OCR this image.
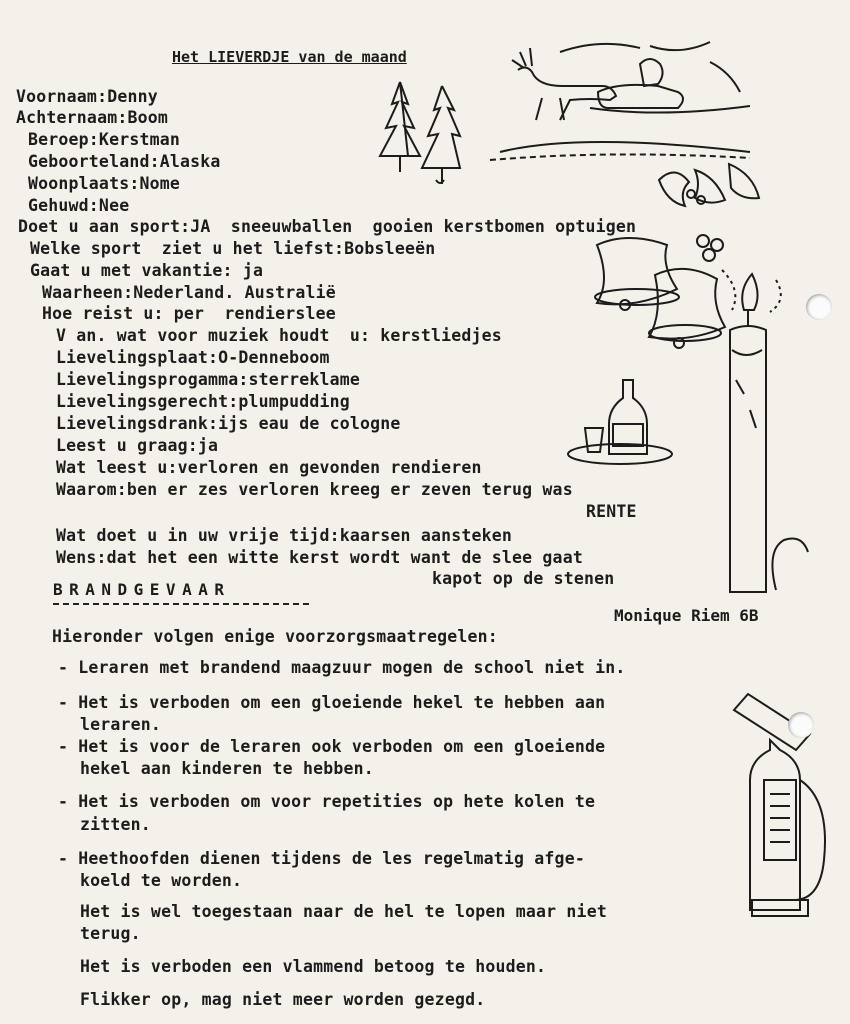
Het LIEVERDJE van de maand
Voornaam:Denny
Achternaam:Boom
Beroep:Kerstman
Geboorteland:Alaska
Woonplaats:Nome
Gehuwd:Nee
Doet u aan sport:JA  sneeuwballen  gooien kerstbomen optuigen
Welke sport  ziet u het liefst:Bobsleeën
Gaat u met vakantie: ja
Waarheen:Nederland. Australië
Hoe reist u: per  rendierslee
V an. wat voor muziek houdt  u: kerstliedjes
Lievelingsplaat:O-Denneboom
Lievelingsprogamma:sterreklame
Lievelingsgerecht:plumpudding
Lievelingsdrank:ijs eau de cologne
Leest u graag:ja
Wat leest u:verloren en gevonden rendieren
Waarom:ben er zes verloren kreeg er zeven terug was
RENTE
Wat doet u in uw vrije tijd:kaarsen aansteken
Wens:dat het een witte kerst wordt want de slee gaat
kapot op de stenen
BRANDGEVAAR
Monique Riem 6B
Hieronder volgen enige voorzorgsmaatregelen:
- Leraren met brandend maagzuur mogen de school niet in.
- Het is verboden om een gloeiende hekel te hebben aan
leraren.
- Het is voor de leraren ook verboden om een gloeiende
hekel aan kinderen te hebben.
- Het is verboden om voor repetities op hete kolen te
zitten.
- Heethoofden dienen tijdens de les regelmatig afge-
koeld te worden.
Het is wel toegestaan naar de hel te lopen maar niet
terug.
Het is verboden een vlammend betoog te houden.
Flikker op, mag niet meer worden gezegd.
